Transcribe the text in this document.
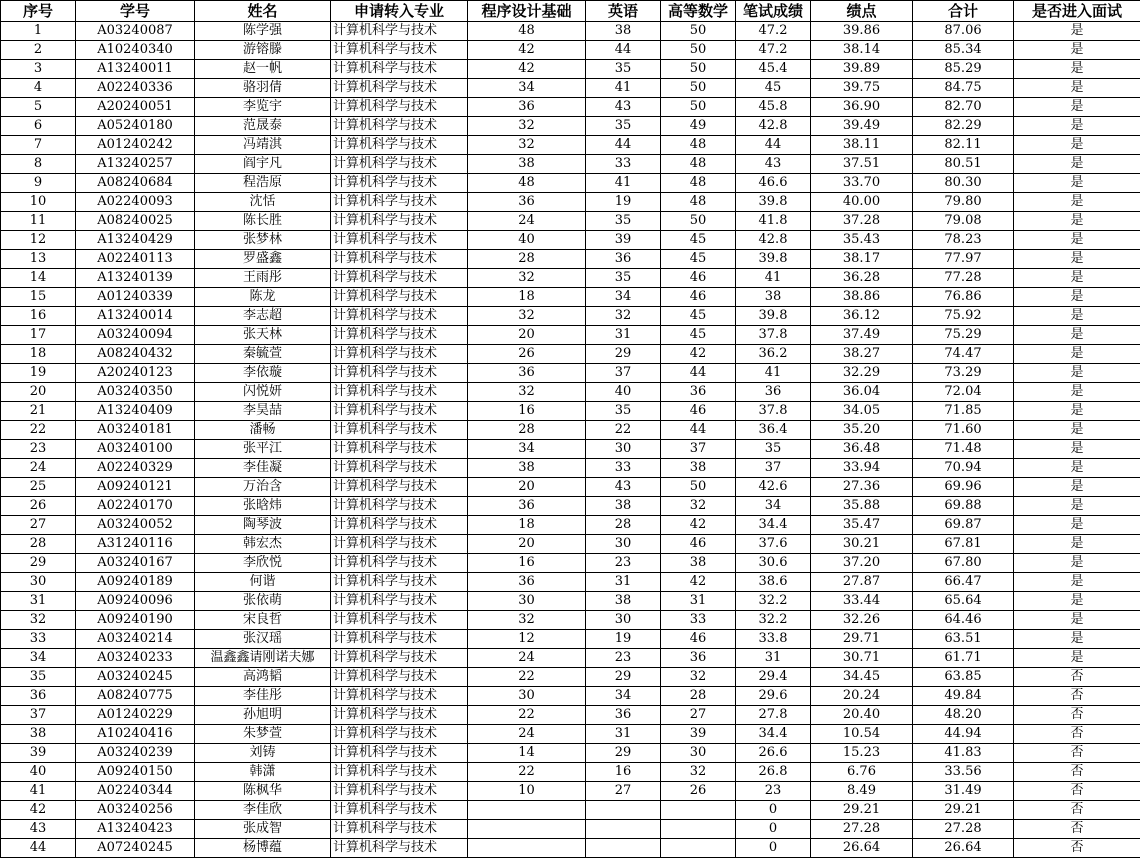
序号	学号	姓名	申请转入专业	程序设计基础	英语	高等数学	笔试成绩	绩点	合计	是否进入面试
1	A03240087	陈学强	计算机科学与技术	48	38	50	47.2	39.86	87.06	是
2	A10240340	游镕滕	计算机科学与技术	42	44	50	47.2	38.14	85.34	是
3	A13240011	赵一帆	计算机科学与技术	42	35	50	45.4	39.89	85.29	是
4	A02240336	骆羽倩	计算机科学与技术	34	41	50	45	39.75	84.75	是
5	A20240051	李览宇	计算机科学与技术	36	43	50	45.8	36.90	82.70	是
6	A05240180	范晟泰	计算机科学与技术	32	35	49	42.8	39.49	82.29	是
7	A01240242	冯靖淇	计算机科学与技术	32	44	48	44	38.11	82.11	是
8	A13240257	阎宇凡	计算机科学与技术	38	33	48	43	37.51	80.51	是
9	A08240684	程浩原	计算机科学与技术	48	41	48	46.6	33.70	80.30	是
10	A02240093	沈恬	计算机科学与技术	36	19	48	39.8	40.00	79.80	是
11	A08240025	陈长胜	计算机科学与技术	24	35	50	41.8	37.28	79.08	是
12	A13240429	张梦林	计算机科学与技术	40	39	45	42.8	35.43	78.23	是
13	A02240113	罗盛鑫	计算机科学与技术	28	36	45	39.8	38.17	77.97	是
14	A13240139	王雨彤	计算机科学与技术	32	35	46	41	36.28	77.28	是
15	A01240339	陈龙	计算机科学与技术	18	34	46	38	38.86	76.86	是
16	A13240014	李志超	计算机科学与技术	32	32	45	39.8	36.12	75.92	是
17	A03240094	张天林	计算机科学与技术	20	31	45	37.8	37.49	75.29	是
18	A08240432	秦毓萱	计算机科学与技术	26	29	42	36.2	38.27	74.47	是
19	A20240123	李依璇	计算机科学与技术	36	37	44	41	32.29	73.29	是
20	A03240350	闪悦妍	计算机科学与技术	32	40	36	36	36.04	72.04	是
21	A13240409	李昊喆	计算机科学与技术	16	35	46	37.8	34.05	71.85	是
22	A03240181	潘畅	计算机科学与技术	28	22	44	36.4	35.20	71.60	是
23	A03240100	张平江	计算机科学与技术	34	30	37	35	36.48	71.48	是
24	A02240329	李佳凝	计算机科学与技术	38	33	38	37	33.94	70.94	是
25	A09240121	万治含	计算机科学与技术	20	43	50	42.6	27.36	69.96	是
26	A02240170	张晗炜	计算机科学与技术	36	38	32	34	35.88	69.88	是
27	A03240052	陶琴波	计算机科学与技术	18	28	42	34.4	35.47	69.87	是
28	A31240116	韩宏杰	计算机科学与技术	20	30	46	37.6	30.21	67.81	是
29	A03240167	李欣悦	计算机科学与技术	16	23	38	30.6	37.20	67.80	是
30	A09240189	何谐	计算机科学与技术	36	31	42	38.6	27.87	66.47	是
31	A09240096	张依萌	计算机科学与技术	30	38	31	32.2	33.44	65.64	是
32	A09240190	宋良哲	计算机科学与技术	32	30	33	32.2	32.26	64.46	是
33	A03240214	张汉瑶	计算机科学与技术	12	19	46	33.8	29.71	63.51	是
34	A03240233	温鑫鑫请刚诺夫娜	计算机科学与技术	24	23	36	31	30.71	61.71	是
35	A03240245	高鸿韬	计算机科学与技术	22	29	32	29.4	34.45	63.85	否
36	A08240775	李佳彤	计算机科学与技术	30	34	28	29.6	20.24	49.84	否
37	A01240229	孙旭明	计算机科学与技术	22	36	27	27.8	20.40	48.20	否
38	A10240416	朱梦萱	计算机科学与技术	24	31	39	34.4	10.54	44.94	否
39	A03240239	刘铸	计算机科学与技术	14	29	30	26.6	15.23	41.83	否
40	A09240150	韩潇	计算机科学与技术	22	16	32	26.8	6.76	33.56	否
41	A02240344	陈枫华	计算机科学与技术	10	27	26	23	8.49	31.49	否
42	A03240256	李佳欣	计算机科学与技术				0	29.21	29.21	否
43	A13240423	张成智	计算机科学与技术				0	27.28	27.28	否
44	A07240245	杨博蕴	计算机科学与技术				0	26.64	26.64	否
